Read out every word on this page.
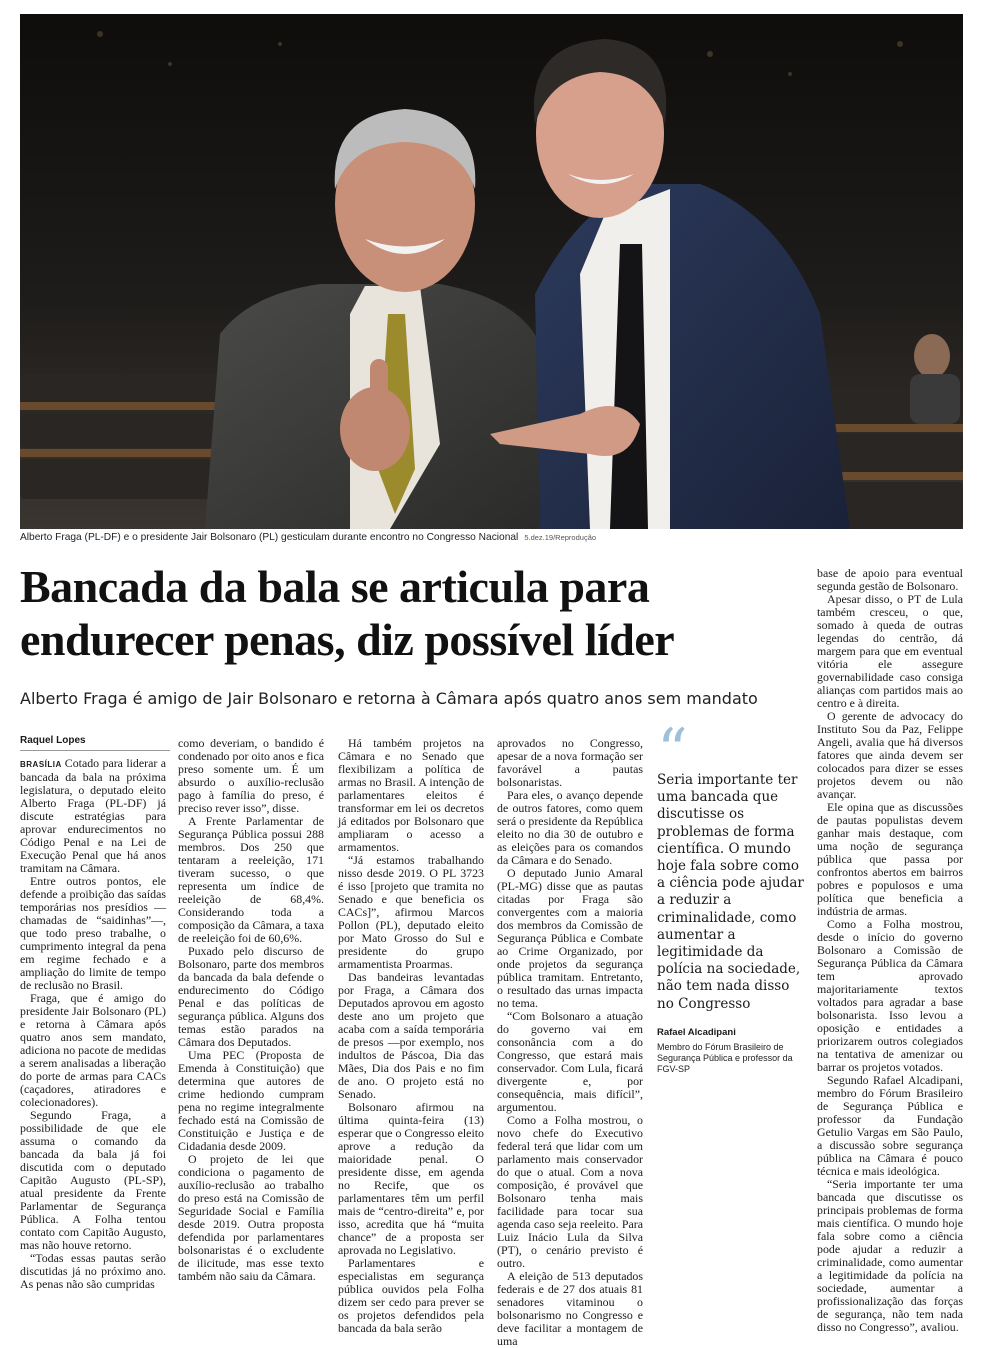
Alberto Fraga (PL-DF) e o presidente Jair Bolsonaro (PL) gesticulam durante encontro no Congresso Nacional 5.dez.19/Reprodução
Bancada da bala se articula para endurecer penas, diz possível líder
Alberto Fraga é amigo de Jair Bolsonaro e retorna à Câmara após quatro anos sem mandato
Raquel Lopes

BRASÍLIA Cotado para liderar a bancada da bala na próxima legislatura, o deputado eleito Alberto Fraga (PL-DF) já discute estratégias para aprovar endurecimentos no Código Penal e na Lei de Execução Penal que há anos tramitam na Câmara.

Entre outros pontos, ele defende a proibição das saídas temporárias nos presídios —chamadas de “saidinhas”—, que todo preso trabalhe, o cumprimento integral da pena em regime fechado e a ampliação do limite de tempo de reclusão no Brasil.

Fraga, que é amigo do presidente Jair Bolsonaro (PL) e retorna à Câmara após quatro anos sem mandato, adiciona no pacote de medidas a serem analisadas a liberação do porte de armas para CACs (caçadores, atiradores e colecionadores).

Segundo Fraga, a possibilidade de que ele assuma o comando da bancada da bala já foi discutida com o deputado Capitão Augusto (PL-SP), atual presidente da Frente Parlamentar de Segurança Pública. A Folha tentou contato com Capitão Augusto, mas não houve retorno.

“Todas essas pautas serão discutidas já no próximo ano. As penas não são cumpridas

como deveriam, o bandido é condenado por oito anos e fica preso somente um. É um absurdo o auxílio-reclusão pago à família do preso, é preciso rever isso”, disse.

A Frente Parlamentar de Segurança Pública possui 288 membros. Dos 250 que tentaram a reeleição, 171 tiveram sucesso, o que representa um índice de reeleição de 68,4%. Considerando toda a composição da Câmara, a taxa de reeleição foi de 60,6%.

Puxado pelo discurso de Bolsonaro, parte dos membros da bancada da bala defende o endurecimento do Código Penal e das políticas de segurança pública. Alguns dos temas estão parados na Câmara dos Deputados.

Uma PEC (Proposta de Emenda à Constituição) que determina que autores de crime hediondo cumpram pena no regime integralmente fechado está na Comissão de Constituição e Justiça e de Cidadania desde 2009.

O projeto de lei que condiciona o pagamento de auxílio-reclusão ao trabalho do preso está na Comissão de Seguridade Social e Família desde 2019. Outra proposta defendida por parlamentares bolsonaristas é o excludente de ilicitude, mas esse texto também não saiu da Câmara.

Há também projetos na Câmara e no Senado que flexibilizam a política de armas no Brasil. A intenção de parlamentares eleitos é transformar em lei os decretos já editados por Bolsonaro que ampliaram o acesso a armamentos.

“Já estamos trabalhando nisso desde 2019. O PL 3723 é isso [projeto que tramita no Senado e que beneficia os CACs]”, afirmou Marcos Pollon (PL), deputado eleito por Mato Grosso do Sul e presidente do grupo armamentista Proarmas.

Das bandeiras levantadas por Fraga, a Câmara dos Deputados aprovou em agosto deste ano um projeto que acaba com a saída temporária de presos —por exemplo, nos indultos de Páscoa, Dia das Mães, Dia dos Pais e no fim de ano. O projeto está no Senado.

Bolsonaro afirmou na última quinta-feira (13) esperar que o Congresso eleito aprove a redução da maioridade penal. O presidente disse, em agenda no Recife, que os parlamentares têm um perfil mais de “centro-direita” e, por isso, acredita que há “muita chance” de a proposta ser aprovada no Legislativo.

Parlamentares e especialistas em segurança pública ouvidos pela Folha dizem ser cedo para prever se os projetos defendidos pela bancada da bala serão

aprovados no Congresso, apesar de a nova formação ser favorável a pautas bolsonaristas.

Para eles, o avanço depende de outros fatores, como quem será o presidente da República eleito no dia 30 de outubro e as eleições para os comandos da Câmara e do Senado.

O deputado Junio Amaral (PL-MG) disse que as pautas citadas por Fraga são convergentes com a maioria dos membros da Comissão de Segurança Pública e Combate ao Crime Organizado, por onde projetos da segurança pública tramitam. Entretanto, o resultado das urnas impacta no tema.

“Com Bolsonaro a atuação do governo vai em consonância com a do Congresso, que estará mais conservador. Com Lula, ficará divergente e, por consequência, mais difícil”, argumentou.

Como a Folha mostrou, o novo chefe do Executivo federal terá que lidar com um parlamento mais conservador do que o atual. Com a nova composição, é provável que Bolsonaro tenha mais facilidade para tocar sua agenda caso seja reeleito. Para Luiz Inácio Lula da Silva (PT), o cenário previsto é outro.

A eleição de 513 deputados federais e de 27 dos atuais 81 senadores vitaminou o bolsonarismo no Congresso e deve facilitar a montagem de uma

“
Seria importante ter uma bancada que discutisse os problemas de forma científica. O mundo hoje fala sobre como a ciência pode ajudar a reduzir a criminalidade, como aumentar a legitimidade da polícia na sociedade, não tem nada disso no Congresso
Rafael Alcadipani
Membro do Fórum Brasileiro de Segurança Pública e professor da FGV-SP

base de apoio para eventual segunda gestão de Bolsonaro.

Apesar disso, o PT de Lula também cresceu, o que, somado à queda de outras legendas do centrão, dá margem para que em eventual vitória ele assegure governabilidade caso consiga alianças com partidos mais ao centro e à direita.

O gerente de advocacy do Instituto Sou da Paz, Felippe Angeli, avalia que há diversos fatores que ainda devem ser colocados para dizer se esses projetos devem ou não avançar.

Ele opina que as discussões de pautas populistas devem ganhar mais destaque, com uma noção de segurança pública que passa por confrontos abertos em bairros pobres e populosos e uma política que beneficia a indústria de armas.

Como a Folha mostrou, desde o início do governo Bolsonaro a Comissão de Segurança Pública da Câmara tem aprovado majoritariamente textos voltados para agradar a base bolsonarista. Isso levou a oposição e entidades a priorizarem outros colegiados na tentativa de amenizar ou barrar os projetos votados.

Segundo Rafael Alcadipani, membro do Fórum Brasileiro de Segurança Pública e professor da Fundação Getulio Vargas em São Paulo, a discussão sobre segurança pública na Câmara é pouco técnica e mais ideológica.

“Seria importante ter uma bancada que discutisse os principais problemas de forma mais científica. O mundo hoje fala sobre como a ciência pode ajudar a reduzir a criminalidade, como aumentar a legitimidade da polícia na sociedade, aumentar a profissionalização das forças de segurança, não tem nada disso no Congresso”, avaliou.
